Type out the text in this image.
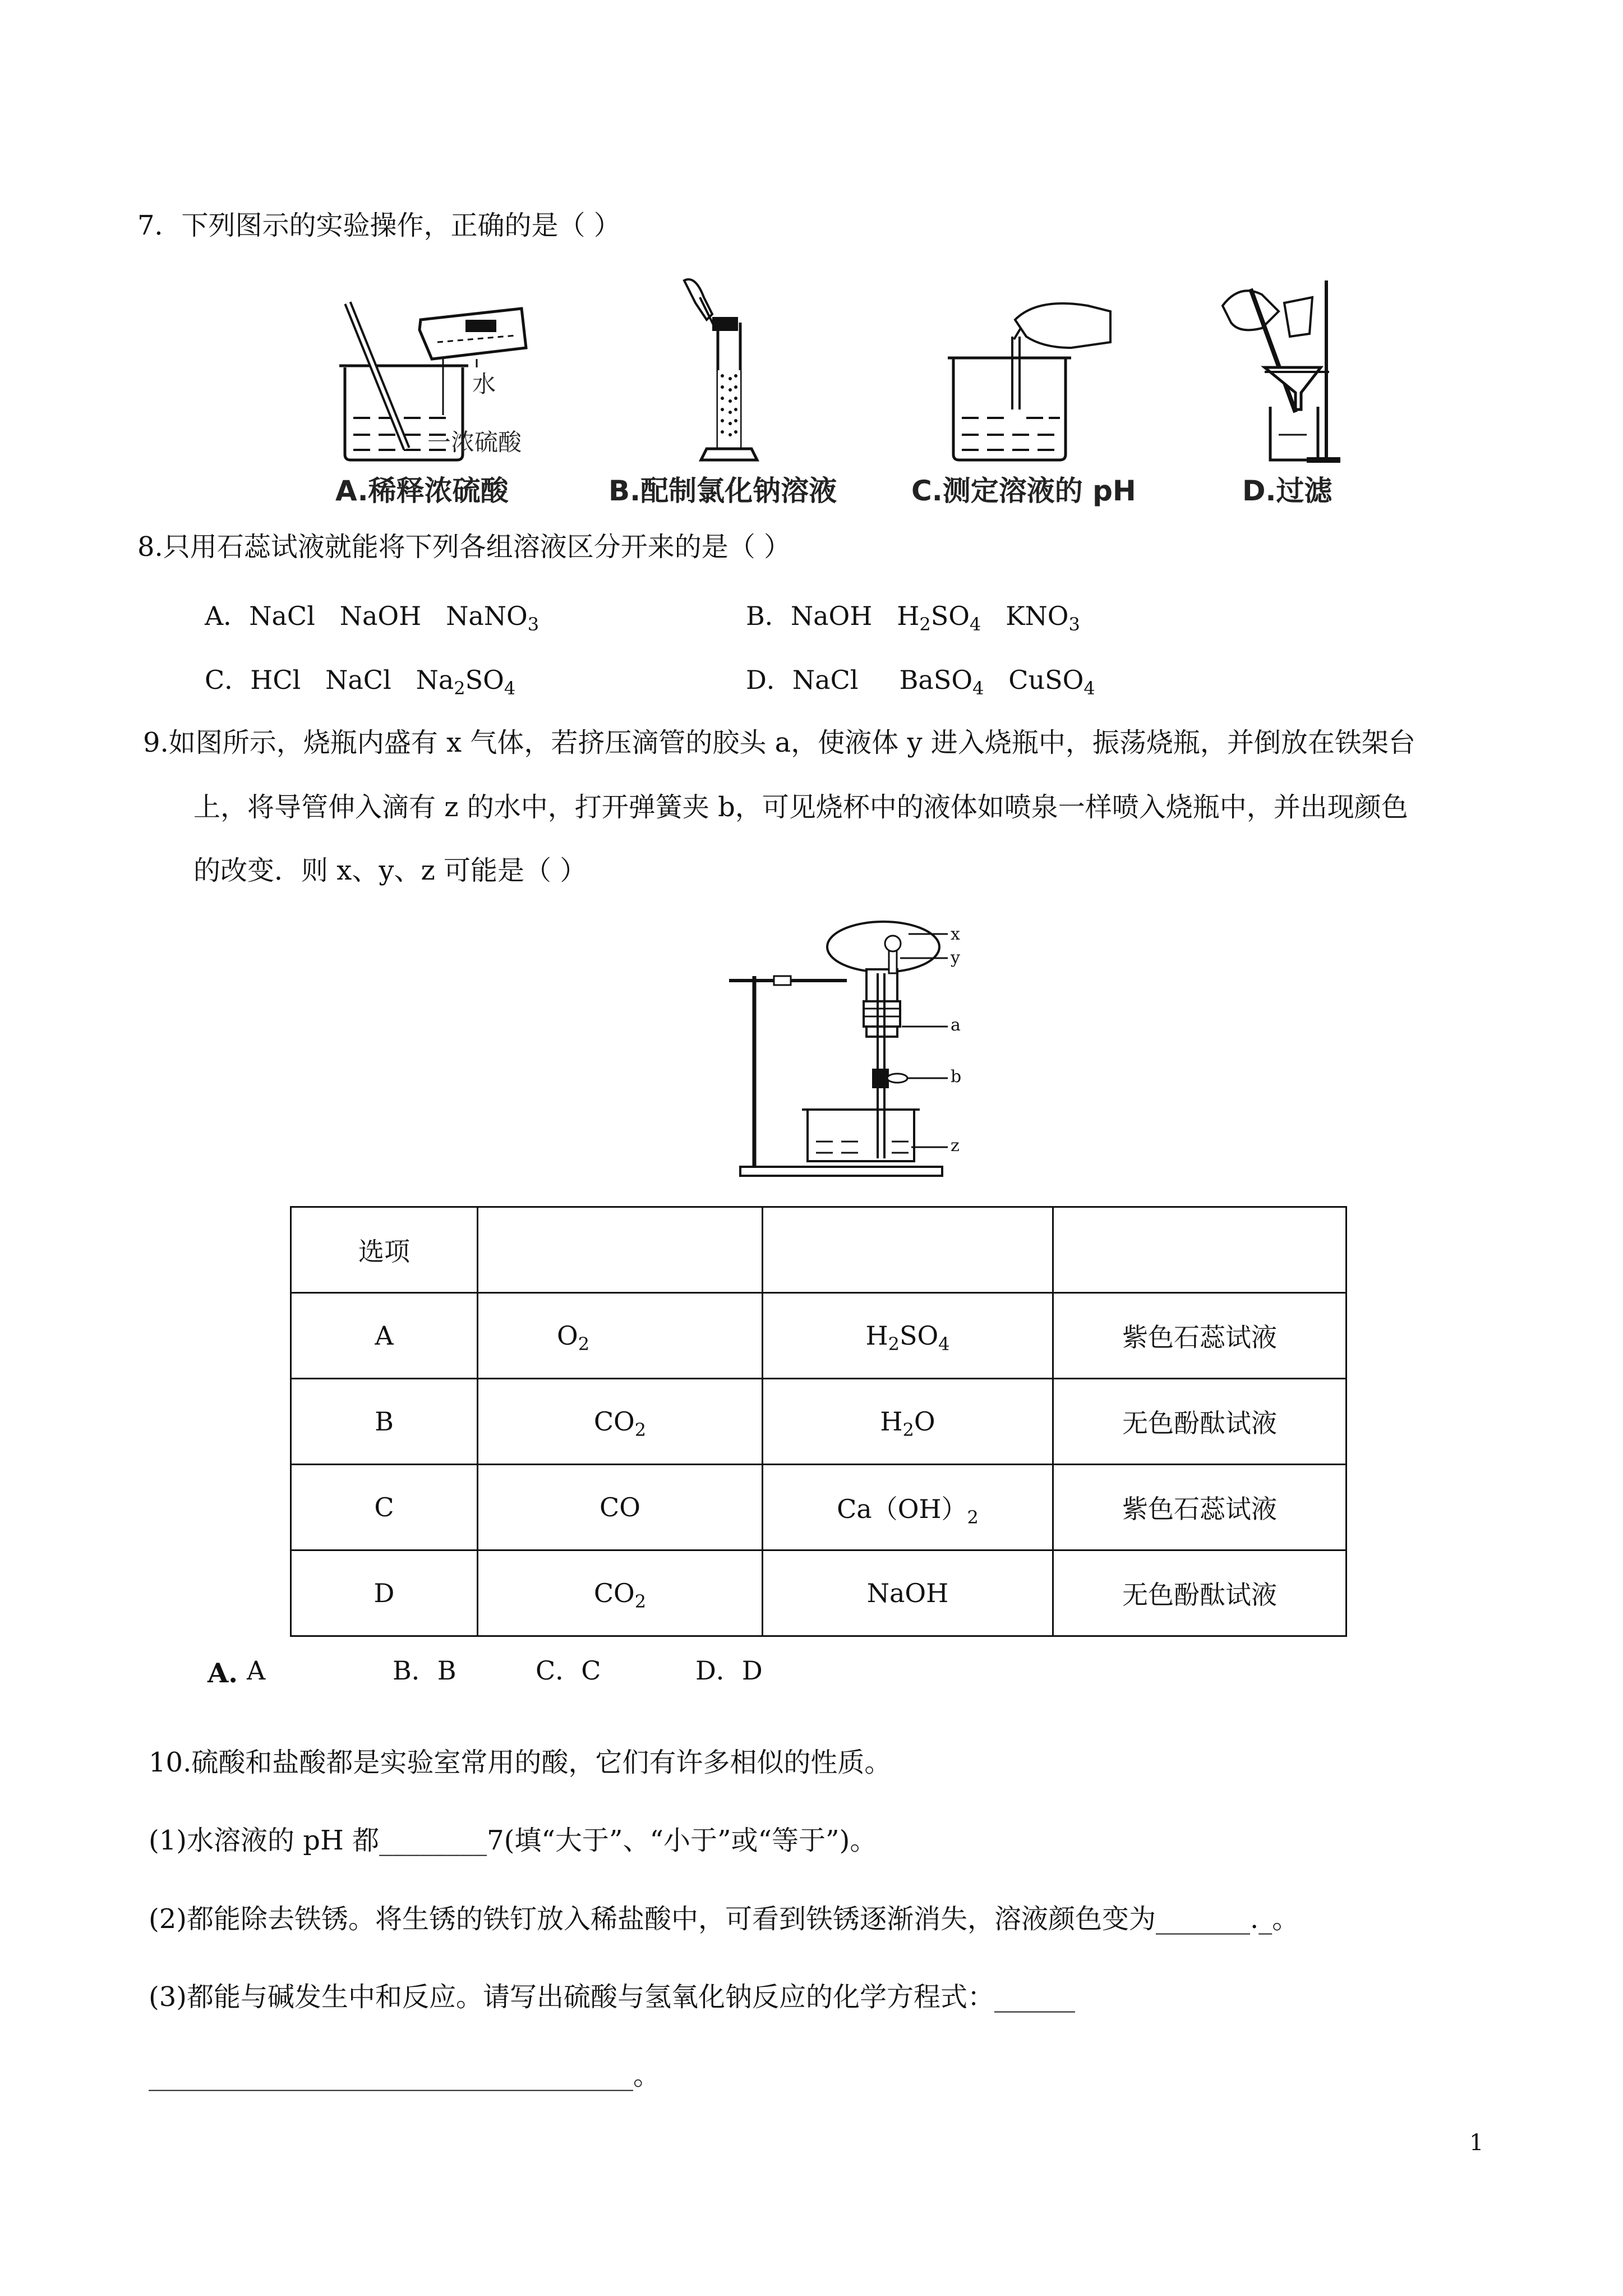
7．下列图示的实验操作，正确的是（ ）
水
一浓硫酸
A.稀释浓硫酸	B.配制氯化钠溶液	C.测定溶液的 pH	D.过滤
8.只用石蕊试液就能将下列各组溶液区分开来的是（ ）
A．NaCl NaOH NaNO$_3$	B．NaOH $H_2SO_4$ $KNO_3$
C．HCl NaCl $Na_2SO_4$	D．NaCl BaSO$_4$ CuSO$_4$
9.如图所示，烧瓶内盛有 x 气体，若挤压滴管的胶头 a，使液体 y 进入烧瓶中，振荡烧瓶，并倒放在铁架台
上，将导管伸入滴有 z 的水中，打开弹簧夹 b，可见烧杯中的液体如喷泉一样喷入烧瓶中，并出现颜色
的改变．则 x、y、z 可能是（ ）
x
y
a
b
z
选项			
A	$O_2$	$H_2SO_4$	紫色石蕊试液
B	$CO_2$	$H_2O$	无色酚酞试液
C	CO	$Ca(OH)_2$	紫色石蕊试液
D	$CO_2$	NaOH	无色酚酞试液
A. A	B．B	C．C	D．D
10.硫酸和盐酸都是实验室常用的酸，它们有许多相似的性质。
(1)水溶液的 pH 都________7(填“大于”、“小于”或“等于”)。
(2)都能除去铁锈。将生锈的铁钉放入稀盐酸中，可看到铁锈逐渐消失，溶液颜色变为_______._。
(3)都能与碱发生中和反应。请写出硫酸与氢氧化钠反应的化学方程式：______
____________________________________。
1
